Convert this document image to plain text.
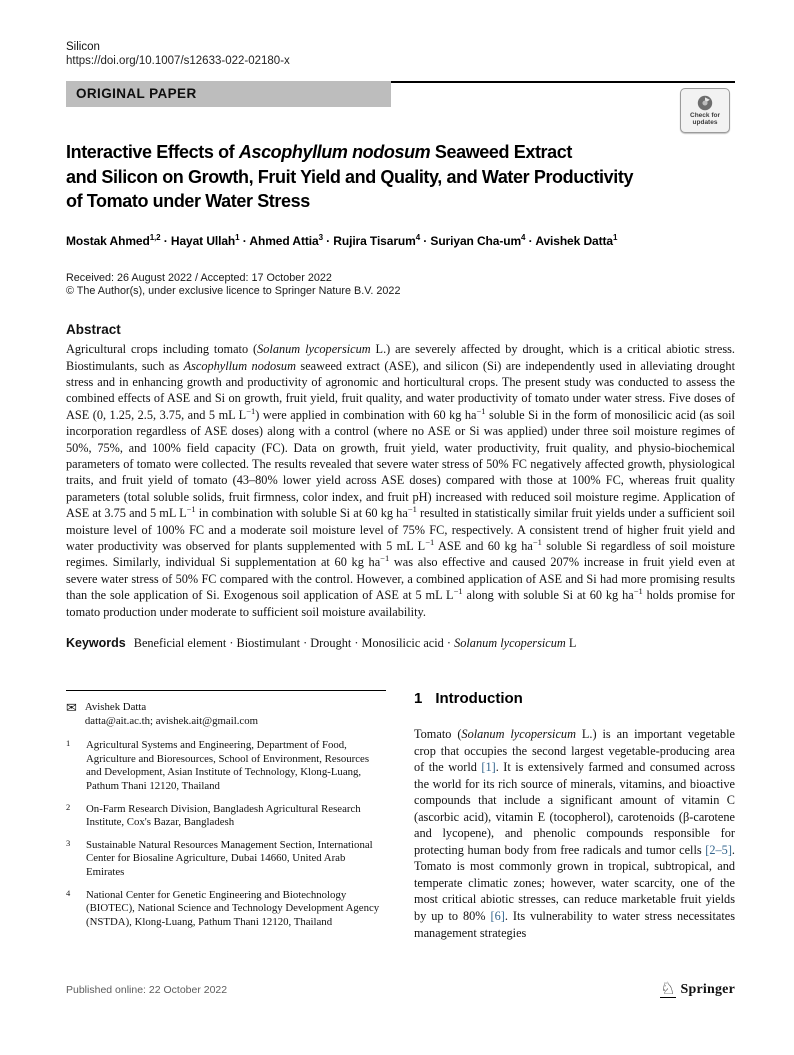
Silicon
https://doi.org/10.1007/s12633-022-02180-x
ORIGINAL PAPER
Check for
updates
Interactive Effects of Ascophyllum nodosum Seaweed Extract
and Silicon on Growth, Fruit Yield and Quality, and Water Productivity
of Tomato under Water Stress
Mostak Ahmed$^{1,2}$ · Hayat Ullah$^1$ · Ahmed Attia$^3$ · Rujira Tisarum$^4$ · Suriyan Cha-$um^4$ · Avishek Datta$^1$
Received: 26 August 2022 / Accepted: 17 October 2022
© The Author(s), under exclusive licence to Springer Nature B.V. 2022
Abstract
Agricultural crops including tomato (Solanum lycopersicum L.) are severely affected by drought, which is a critical abiotic stress. Biostimulants, such as Ascophyllum nodosum seaweed extract (ASE), and silicon (Si) are independently used in alleviating drought stress and in enhancing growth and productivity of agronomic and horticultural crops. The present study was conducted to assess the combined effects of ASE and Si on growth, fruit yield, fruit quality, and water productivity of tomato under water stress. Five doses of ASE (0, 1.25, 2.5, 3.75, and 5 mL $L^{-1}$) were applied in combination with 60 kg $ha^{-1}$ soluble Si in the form of monosilicic acid (as soil incorporation regardless of ASE doses) along with a control (where no ASE or Si was applied) under three soil moisture regimes of 50%, 75%, and 100% field capacity (FC). Data on growth, fruit yield, water productivity, fruit quality, and physio-biochemical parameters of tomato were collected. The results revealed that severe water stress of 50% FC negatively affected growth, physiological traits, and fruit yield of tomato (43–80% lower yield across ASE doses) compared with those at 100% FC, whereas fruit quality parameters (total soluble solids, fruit firmness, color index, and fruit pH) increased with reduced soil moisture regime. Application of ASE at 3.75 and 5 mL $L^{-1}$ in combination with soluble Si at 60 kg $ha^{-1}$ resulted in statistically similar fruit yields under a sufficient soil moisture level of 100% FC and a moderate soil moisture level of 75% FC, respectively. A consistent trend of higher fruit yield and water productivity was observed for plants supplemented with 5 mL $L^{-1}$ ASE and 60 kg $ha^{-1}$ soluble Si regardless of soil moisture regimes. Similarly, individual Si supplementation at 60 kg $ha^{-1}$ was also effective and caused 207% increase in fruit yield even at severe water stress of 50% FC compared with the control. However, a combined application of ASE and Si had more promising results than the sole application of Si. Exogenous soil application of ASE at 5 mL $L^{-1}$ along with soluble Si at 60 kg $ha^{-1}$ holds promise for tomato production under moderate to sufficient soil moisture availability.
Keywords Beneficial element · Biostimulant · Drought · Monosilicic acid · Solanum lycopersicum L
✉ Avishek Datta
datta@ait.ac.th; avishek.ait@gmail.com
1	Agricultural Systems and Engineering, Department of Food, Agriculture and Bioresources, School of Environment, Resources and Development, Asian Institute of Technology, Klong-Luang, Pathum Thani 12120, Thailand
2	On-Farm Research Division, Bangladesh Agricultural Research Institute, Cox's Bazar, Bangladesh
3	Sustainable Natural Resources Management Section, International Center for Biosaline Agriculture, Dubai 14660, United Arab Emirates
4	National Center for Genetic Engineering and Biotechnology (BIOTEC), National Science and Technology Development Agency (NSTDA), Klong-Luang, Pathum Thani 12120, Thailand
1 Introduction
Tomato (Solanum lycopersicum L.) is an important vegetable crop that occupies the second largest vegetable-producing area of the world [1]. It is extensively farmed and consumed across the world for its rich source of minerals, vitamins, and bioactive compounds that include a significant amount of vitamin C (ascorbic acid), vitamin E (tocopherol), carotenoids (β-carotene and lycopene), and phenolic compounds responsible for protecting human body from free radicals and tumor cells [2–5]. Tomato is most commonly grown in tropical, subtropical, and temperate climatic zones; however, water scarcity, one of the most critical abiotic stresses, can reduce marketable fruit yields by up to 80% [6]. Its vulnerability to water stress necessitates management strategies
Published online: 22 October 2022	♘ Springer
